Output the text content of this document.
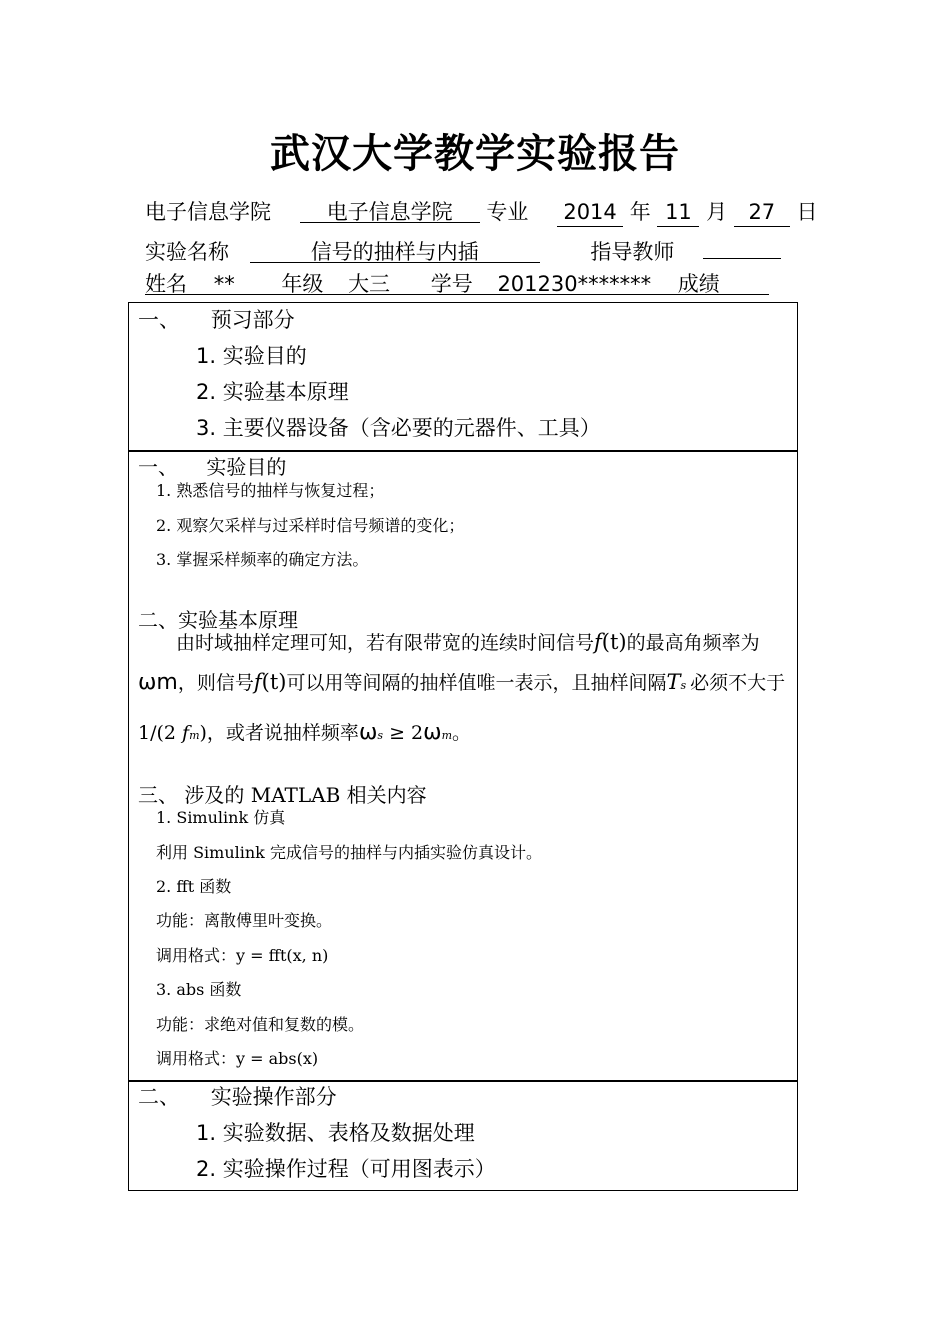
武汉大学教学实验报告
电子信息学院	电子信息学院 专业 2014 年 11 月 27 日
实验名称	信号的抽样与内插	指导教师
姓名 ** 年级 大三 学号 201230******* 成绩
一、 预习部分
1. 实验目的
2. 实验基本原理
3. 主要仪器设备（含必要的元器件、工具）
一、 实验目的
1. 熟悉信号的抽样与恢复过程；
2. 观察欠采样与过采样时信号频谱的变化；
3. 掌握采样频率的确定方法。
二、实验基本原理
由时域抽样定理可知，若有限带宽的连续时间信号f(t)的最高角频率为
ωm，则信号f(t)可以用等间隔的抽样值唯一表示，且抽样间隔Ts 必须不大于
1/(2 fm)，或者说抽样频率ωs ≥ 2ωm。
三、 涉及的 MATLAB 相关内容
1. Simulink 仿真
利用 Simulink 完成信号的抽样与内插实验仿真设计。
2. fft 函数
功能：离散傅里叶变换。
调用格式：y = fft(x, n)
3. abs 函数
功能：求绝对值和复数的模。
调用格式：y = abs(x)
二、 实验操作部分
1. 实验数据、表格及数据处理
2. 实验操作过程（可用图表示）
